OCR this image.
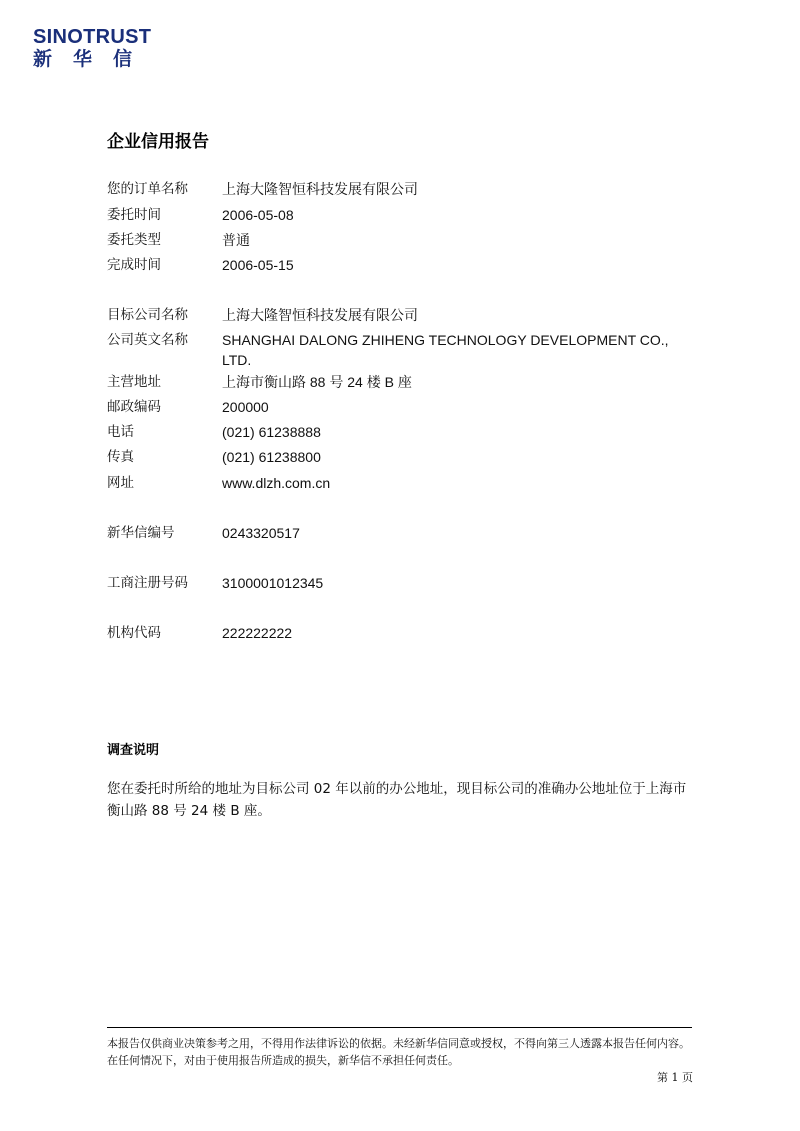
SINOTRUST
新华信
企业信用报告
您的订单名称 上海大隆智恒科技发展有限公司
委托时间	2006-05-08
委托类型	普通
完成时间	2006-05-15
目标公司名称 上海大隆智恒科技发展有限公司
公司英文名称 SHANGHAI DALONG ZHIHENG TECHNOLOGY DEVELOPMENT CO., LTD.
主营地址	上海市衡山路 88 号 24 楼 B 座
邮政编码	200000
电话	(021) 61238888
传真	(021) 61238800
网址	www.dlzh.com.cn
新华信编号	0243320517
工商注册号码 3100001012345
机构代码	222222222
调查说明
您在委托时所给的地址为目标公司 02 年以前的办公地址，现目标公司的准确办公地址位于上海市衡山路 88 号 24 楼 B 座。
本报告仅供商业决策参考之用，不得用作法律诉讼的依据。未经新华信同意或授权，不得向第三人透露本报告任何内容。在任何情况下，对由于使用报告所造成的损失，新华信不承担任何责任。
第 1 页
